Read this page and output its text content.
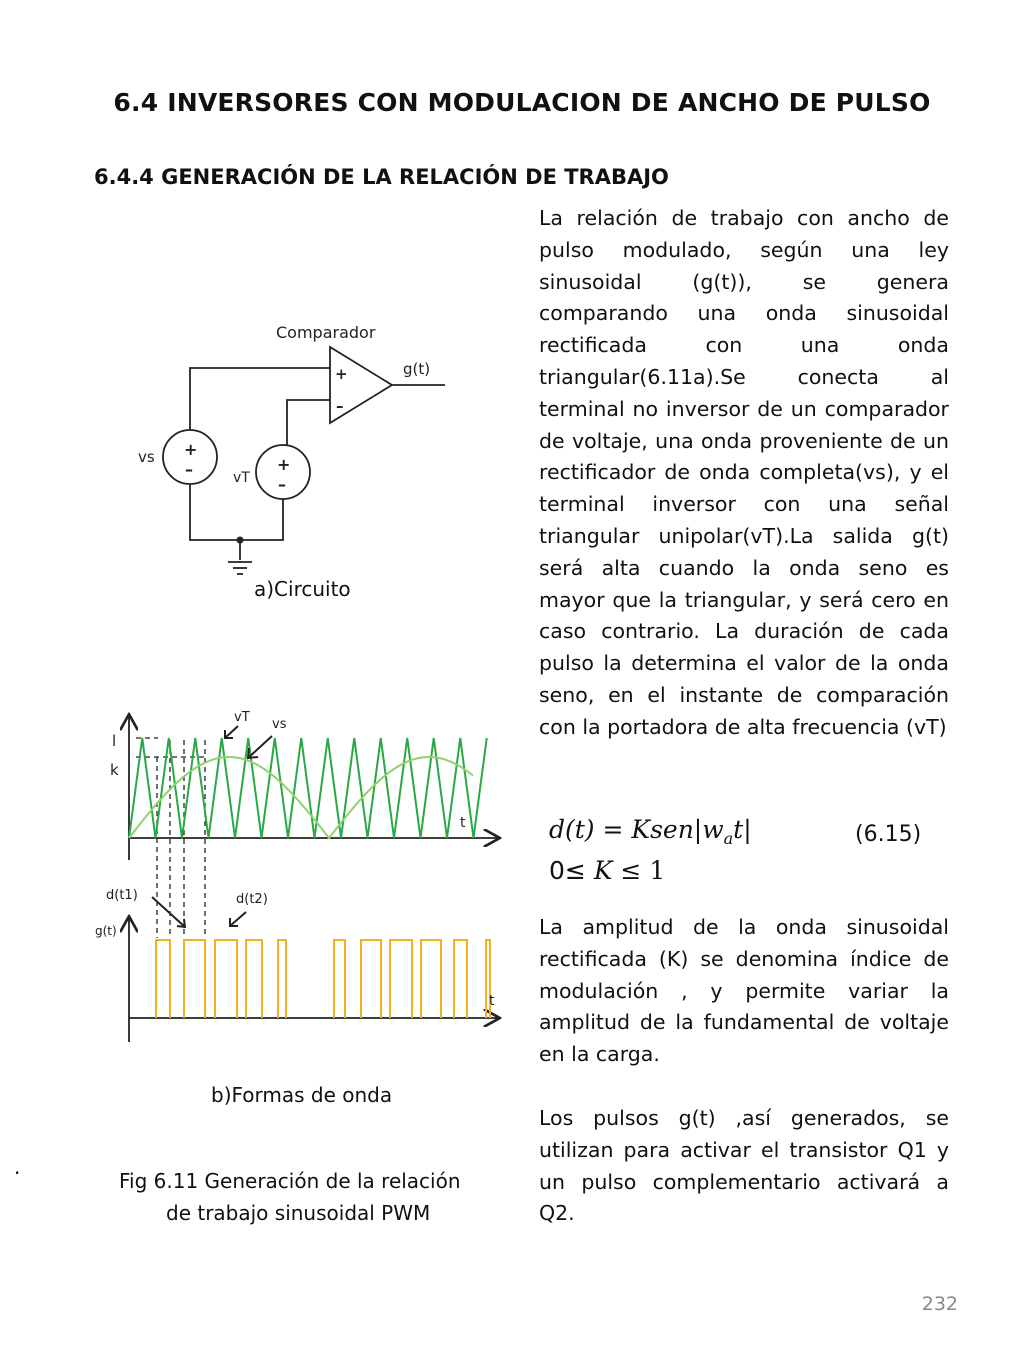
6.4 INVERSORES CON MODULACION DE ANCHO DE PULSO
6.4.4 GENERACIÓN DE LA RELACIÓN DE TRABAJO
La relación de trabajo con ancho de pulso modulado, según una ley sinusoidal (g(t)), se genera comparando una onda sinusoidal rectificada con una onda triangular(6.11a).Se conecta al terminal no inversor de un comparador de voltaje, una onda proveniente de un rectificador de onda completa(vs), y el terminal inversor con una señal triangular unipolar(vT).La salida g(t) será alta cuando la onda seno es mayor que la triangular, y será cero en caso contrario. La duración de cada pulso la determina el valor de la onda seno, en el instante de comparación con la portadora de alta frecuencia (vT)
$d(t) = Ksen|w_at|$	(6.15)
0≤ K ≤ 1
La amplitud de la onda sinusoidal rectificada (K) se denomina índice de modulación , y permite variar la amplitud de la fundamental de voltaje en la carga.
Los pulsos g(t) ,así generados, se utilizan para activar el transistor Q1 y un pulso complementario activará a Q2.
Comparador
g(t)
+
–
+
–	+
–
vs
vT
a)Circuito
vT vs
l
k
t
t
d(t1)	d(t2)
g(t)
b)Formas de onda
.
Fig 6.11 Generación de la relación
de trabajo sinusoidal PWM
232
